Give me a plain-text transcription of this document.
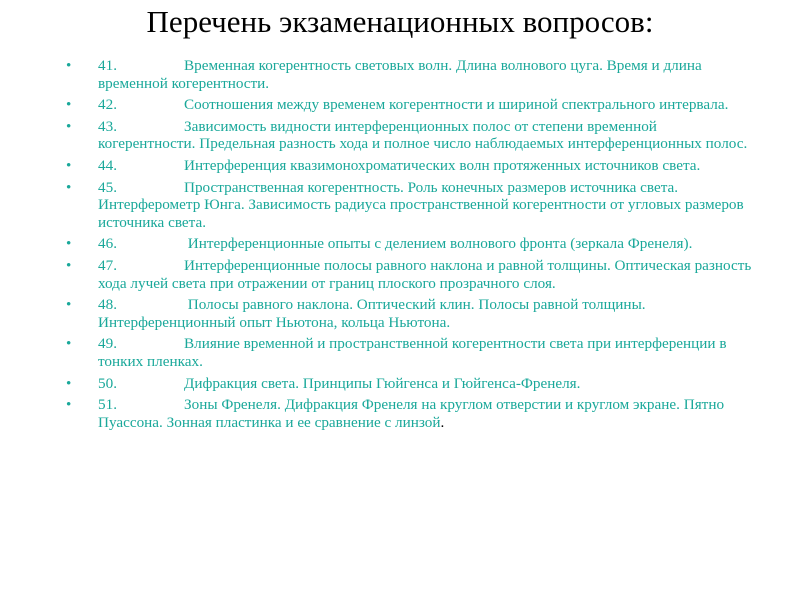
Перечень экзаменационных вопросов:
• 41.	Временная когерентность световых волн. Длина волнового цуга. Время и длина временной когерентности.
• 42.	Соотношения между временем когерентности и шириной спектрального интервала.
• 43.	Зависимость видности интерференционных полос от степени временной когерентности. Предельная разность хода и полное число наблюдаемых интерференционных полос.
• 44.	Интерференция квазимонохроматических волн протяженных источников света.
• 45.	Пространственная когерентность. Роль конечных размеров источника света. Интерферометр Юнга. Зависимость радиуса пространственной когерентности от угловых размеров источника света.
• 46.	Интерференционные опыты с делением волнового фронта (зеркала Френеля).
• 47.	Интерференционные полосы равного наклона и равной толщины. Оптическая разность хода лучей света при отражении от границ плоского прозрачного слоя.
• 48.	Полосы равного наклона. Оптический клин. Полосы равной толщины. Интерференционный опыт Ньютона, кольца Ньютона.
• 49.	Влияние временной и пространственной когерентности света при интерференции в тонких пленках.
• 50.	Дифракция света. Принципы Гюйгенса и Гюйгенса-Френеля.
• 51.	Зоны Френеля. Дифракция Френеля на круглом отверстии и круглом экране. Пятно Пуассона. Зонная пластинка и ее сравнение с линзой.
